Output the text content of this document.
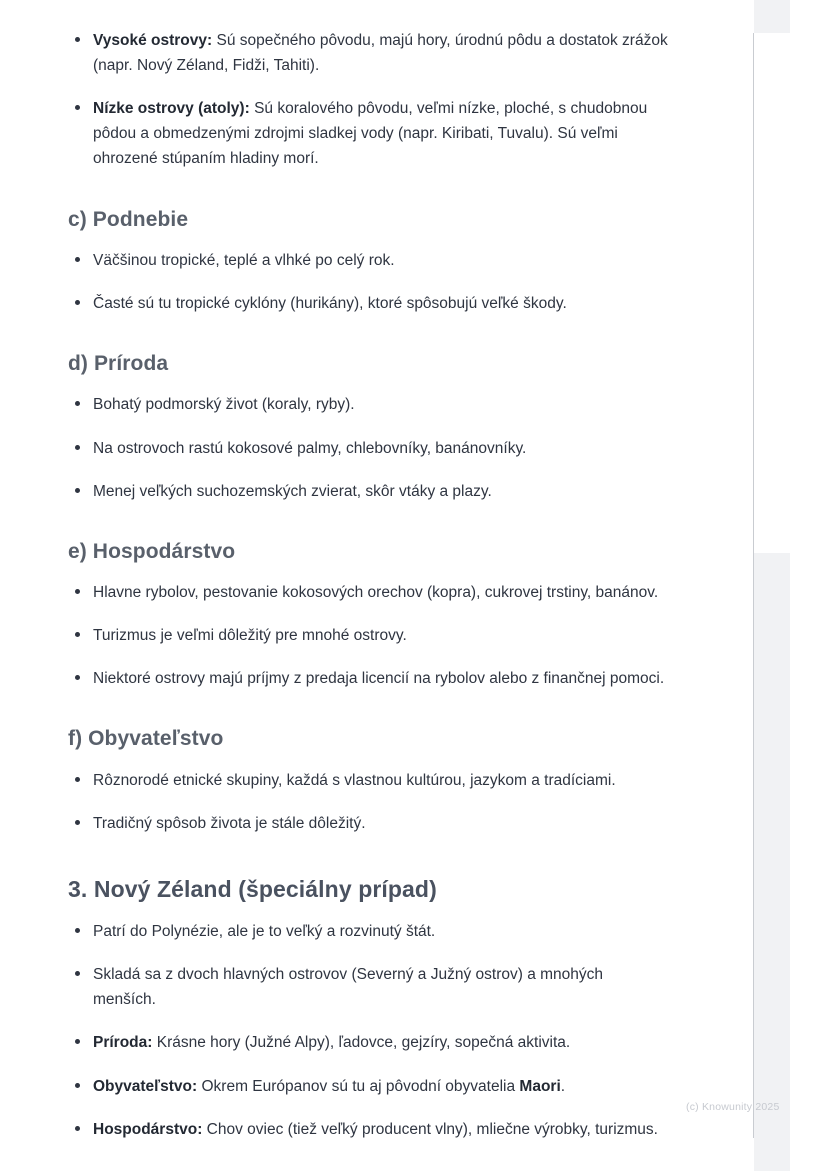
Vysoké ostrovy: Sú sopečného pôvodu, majú hory, úrodnú pôdu a dostatok zrážok (napr. Nový Zéland, Fidži, Tahiti).
Nízke ostrovy (atoly): Sú koralového pôvodu, veľmi nízke, ploché, s chudobnou pôdou a obmedzenými zdrojmi sladkej vody (napr. Kiribati, Tuvalu). Sú veľmi ohrozené stúpaním hladiny morí.
c) Podnebie
Väčšinou tropické, teplé a vlhké po celý rok.
Časté sú tu tropické cyklóny (hurikány), ktoré spôsobujú veľké škody.
d) Príroda
Bohatý podmorský život (koraly, ryby).
Na ostrovoch rastú kokosové palmy, chlebovníky, banánovníky.
Menej veľkých suchozemských zvierat, skôr vtáky a plazy.
e) Hospodárstvo
Hlavne rybolov, pestovanie kokosových orechov (kopra), cukrovej trstiny, banánov.
Turizmus je veľmi dôležitý pre mnohé ostrovy.
Niektoré ostrovy majú príjmy z predaja licencií na rybolov alebo z finančnej pomoci.
f) Obyvateľstvo
Rôznorodé etnické skupiny, každá s vlastnou kultúrou, jazykom a tradíciami.
Tradičný spôsob života je stále dôležitý.
3. Nový Zéland (špeciálny prípad)
Patrí do Polynézie, ale je to veľký a rozvinutý štát.
Skladá sa z dvoch hlavných ostrovov (Severný a Južný ostrov) a mnohých menších.
Príroda: Krásne hory (Južné Alpy), ľadovce, gejzíry, sopečná aktivita.
Obyvateľstvo: Okrem Európanov sú tu aj pôvodní obyvatelia Maori.
Hospodárstvo: Chov oviec (tiež veľký producent vlny), mliečne výrobky, turizmus.
(c) Knowunity 2025
